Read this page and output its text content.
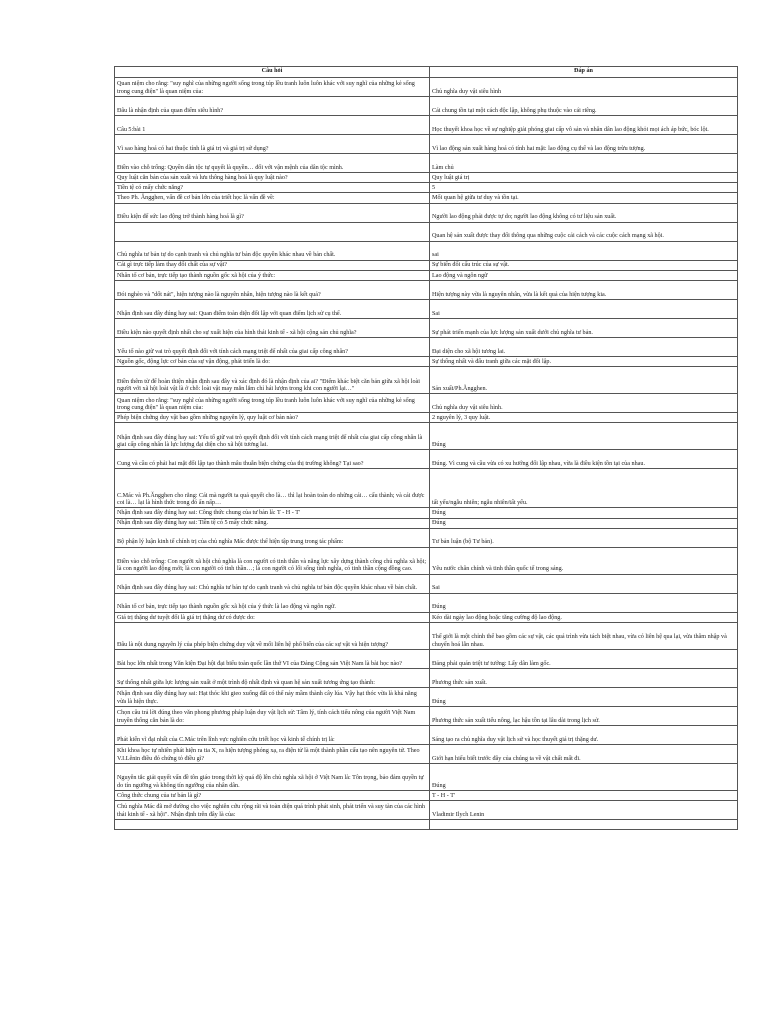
Câu hỏi	Đáp án
Quan niệm cho rằng: "suy nghĩ của những người sống trong túp lều tranh luôn luôn khác với suy nghĩ của những kẻ sống trong cung điện" là quan niệm của:	Chủ nghĩa duy vật siêu hình
Đâu là nhận định của quan điểm siêu hình?	Cái chung tồn tại một cách độc lập, không phụ thuộc vào cái riêng.
Câu 5:bài 1	Học thuyết khoa học về sự nghiệp giải phóng giai cấp vô sản và nhân dân lao động khỏi mọi ách áp bức, bóc lột.
Vì sao hàng hoá có hai thuộc tính là giá trị và giá trị sử dụng?	Vì lao động sản xuất hàng hoá có tính hai mặt: lao động cụ thể và lao động trừu tượng.
Điền vào chỗ trống: Quyền dân tộc tự quyết là quyền… đối với vận mệnh của dân tộc mình.	Làm chủ
Quy luật căn bản của sản xuất và lưu thông hàng hoá là quy luật nào?	Quy luật giá trị
Tiền tệ có mấy chức năng?	5
Theo Ph. Ăngghen, vấn đề cơ bản lớn của triết học là vấn đề về:	Mối quan hệ giữa tư duy và tồn tại.
Điều kiện để sức lao động trở thành hàng hoá là gì?	Người lao động phải được tự do; người lao động không có tư liệu sản xuất.
	Quan hệ sản xuất được thay đổi thông qua những cuộc cải cách và các cuộc cách mạng xã hội.
Chủ nghĩa tư bản tự do cạnh tranh và chủ nghĩa tư bản độc quyền khác nhau về bản chất.	sai
Cái gì trực tiếp làm thay đổi chất của sự vật?	Sự biến đổi cấu trúc của sự vật.
Nhân tố cơ bản, trực tiếp tạo thành nguồn gốc xã hội của ý thức:	Lao động và ngôn ngữ
Đói nghèo và "dốt nát", hiện tượng nào là nguyên nhân, hiện tượng nào là kết quả?	Hiện tượng này vừa là nguyên nhân, vừa là kết quả của hiện tượng kia.
Nhận định sau đây đúng hay sai: Quan điểm toàn diện đối lập với quan điểm lịch sử cụ thể.	Sai
Điều kiện nào quyết định nhất cho sự xuất hiện của hình thái kinh tế - xã hội cộng sản chủ nghĩa?	Sự phát triển mạnh của lực lượng sản xuất dưới chủ nghĩa tư bản.
Yếu tố nào giữ vai trò quyết định đối với tính cách mạng triệt để nhất của giai cấp công nhân?	Đại diện cho xã hội tương lai.
Nguồn gốc, động lực cơ bản của sự vận động, phát triển là do:	Sự thống nhất và đấu tranh giữa các mặt đối lập.
Điền thêm từ để hoàn thiện nhận định sau đây và xác định đó là nhận định của ai? "Điểm khác biệt căn bản giữa xã hội loài người với xã hội loài vật là ở chỗ: loài vật may mắn lắm chỉ hái lượm trong khi con người lại…"	Sản xuất/Ph.Ăngghen.
Quan niệm cho rằng: "suy nghĩ của những người sống trong túp lều tranh luôn luôn khác với suy nghĩ của những kẻ sống trong cung điện" là quan niệm của:	Chủ nghĩa duy vật siêu hình.
Phép biện chứng duy vật bao gồm những nguyên lý, quy luật cơ bản nào?	2 nguyên lý, 3 quy luật.
Nhận định sau đây đúng hay sai: Yếu tố giữ vai trò quyết định đối với tính cách mạng triệt để nhất của giai cấp công nhân là giai cấp công nhân là lực lượng đại diện cho xã hội tương lai.	Đúng
Cung và cầu có phải hai mặt đối lập tạo thành mâu thuẫn biện chứng của thị trường không? Tại sao?	Đúng. Vì cung và cầu vừa có xu hướng đối lập nhau, vừa là điều kiện tồn tại của nhau.
C.Mác và Ph.Ăngghen cho rằng: Cái mà người ta quả quyết cho là… thì lại hoàn toàn do những cái… cấu thành; và cái được coi là… lại là hình thức trong đó ẩn nấp…	tất yếu/ngẫu nhiên; ngẫu nhiên/tất yếu.
Nhận định sau đây đúng hay sai: Công thức chung của tư bản là: T - H - T'	Đúng
Nhận định sau đây đúng hay sai: Tiền tệ có 5 mấy chức năng.	Đúng
Bộ phận lý luận kinh tế chính trị của chủ nghĩa Mác được thể hiện tập trung trong tác phẩm:	Tư bản luận (bộ Tư bản).
Điền vào chỗ trống: Con người xã hội chủ nghĩa là con người có tinh thần và năng lực xây dựng thành công chủ nghĩa xã hội; là con người lao động mới; là con người có tinh thần…; là con người có lối sống tình nghĩa, có tinh thần cộng đồng cao.	Yêu nước chân chính và tinh thần quốc tế trong sáng.
Nhận định sau đây đúng hay sai: Chủ nghĩa tư bản tự do cạnh tranh và chủ nghĩa tư bản độc quyền khác nhau về bản chất.	Sai
Nhân tố cơ bản, trực tiếp tạo thành nguồn gốc xã hội của ý thức là lao động và ngôn ngữ.	Đúng
Giá trị thặng dư tuyệt đối là giá trị thặng dư có được do:	Kéo dài ngày lao động hoặc tăng cường độ lao động.
Đâu là nội dung nguyên lý của phép biện chứng duy vật về mối liên hệ phổ biến của các sự vật và hiện tượng?	Thế giới là một chỉnh thể bao gồm các sự vật, các quá trình vừa tách biệt nhau, vừa có liên hệ qua lại, vừa thâm nhập và chuyển hoá lẫn nhau.
Bài học lớn nhất trong Văn kiện Đại hội đại biểu toàn quốc lần thứ VI của Đảng Cộng sản Việt Nam là bài học nào?	Đảng phải quán triệt tư tưởng: Lấy dân làm gốc.
Sự thống nhất giữa lực lượng sản xuất ở một trình độ nhất định và quan hệ sản xuất tương ứng tạo thành:	Phương thức sản xuất.
Nhận định sau đây đúng hay sai: Hạt thóc khi gieo xuống đất có thể nảy mầm thành cây lúa. Vậy hạt thóc vừa là khả năng vừa là hiện thực.	Đúng
Chọn câu trả lời đúng theo văn phong phương pháp luận duy vật lịch sử: Tâm lý, tính cách tiểu nông của người Việt Nam truyền thống căn bản là do:	Phương thức sản xuất tiểu nông, lạc hậu tồn tại lâu dài trong lịch sử.
Phát kiến vĩ đại nhất của C.Mác trên lĩnh vực nghiên cứu triết học và kinh tế chính trị là:	Sáng tạo ra chủ nghĩa duy vật lịch sử và học thuyết giá trị thặng dư.
Khi khoa học tự nhiên phát hiện ra tia X, ra hiện tượng phóng xạ, ra điện tử là một thành phần cấu tạo nên nguyên tử. Theo V.I.Lênin điều đó chứng tỏ điều gì?	Giới hạn hiểu biết trước đây của chúng ta về vật chất mất đi.
Nguyên tắc giải quyết vấn đề tôn giáo trong thời kỳ quá độ lên chủ nghĩa xã hội ở Việt Nam là: Tôn trọng, bảo đảm quyền tự do tín ngưỡng và không tín ngưỡng của nhân dân.	Đúng
Công thức chung của tư bản là gì?	T - H - T'
Chủ nghĩa Mác đã mở đường cho việc nghiên cứu rộng rãi và toàn diện quá trình phát sinh, phát triển và suy tàn của các hình thái kinh tế - xã hội". Nhận định trên đây là của:	Vladimir Ilych Lenin
